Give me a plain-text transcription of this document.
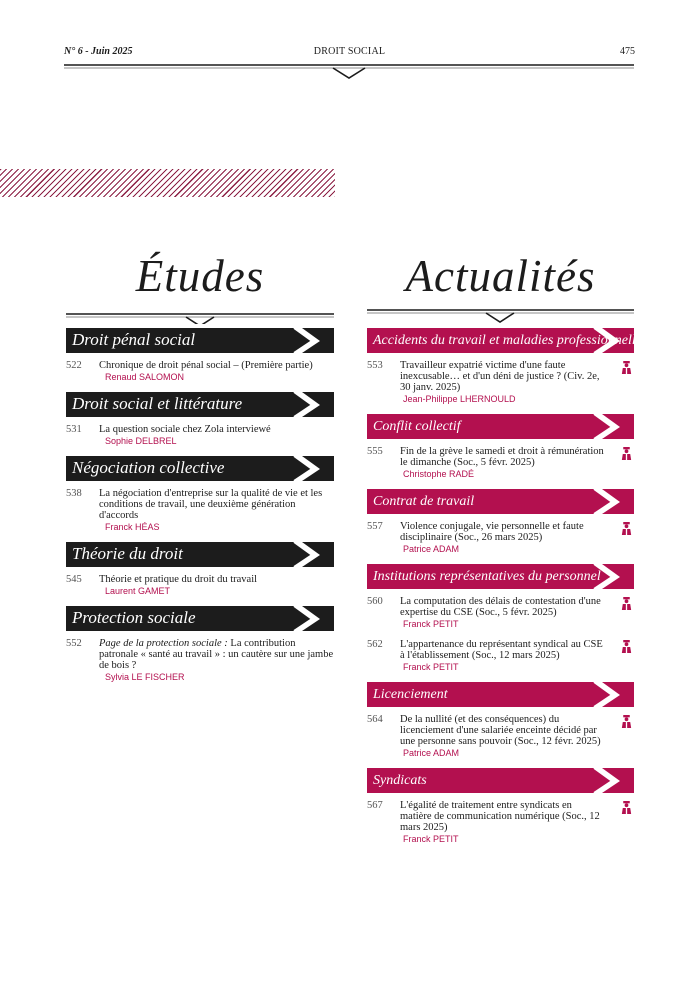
N° 6 - Juin 2025	DROIT SOCIAL	475
Études
Droit pénal social
522 Chronique de droit pénal social – (Première partie)
Renaud SALOMON
Droit social et littérature
531 La question sociale chez Zola interviewé
Sophie DELBREL
Négociation collective
538 La négociation d'entreprise sur la qualité de vie et les conditions de travail, une deuxième génération d'accords
Franck HÉAS
Théorie du droit
545 Théorie et pratique du droit du travail
Laurent GAMET
Protection sociale
552 Page de la protection sociale : La contribution patronale « santé au travail » : un cautère sur une jambe de bois ?
Sylvia LE FISCHER
Actualités
Accidents du travail et maladies professionnelles
553 Travailleur expatrié victime d'une faute inexcusable… et d'un déni de justice ? (Civ. 2e, 30 janv. 2025)
Jean-Philippe LHERNOULD
Conflit collectif
555 Fin de la grève le samedi et droit à rémunération le dimanche (Soc., 5 févr. 2025)
Christophe RADÉ
Contrat de travail
557 Violence conjugale, vie personnelle et faute disciplinaire (Soc., 26 mars 2025)
Patrice ADAM
Institutions représentatives du personnel
560 La computation des délais de contestation d'une expertise du CSE (Soc., 5 févr. 2025)
Franck PETIT
562 L'appartenance du représentant syndical au CSE à l'établissement (Soc., 12 mars 2025)
Franck PETIT
Licenciement
564 De la nullité (et des conséquences) du licenciement d'une salariée enceinte décidé par une personne sans pouvoir (Soc., 12 févr. 2025)
Patrice ADAM
Syndicats
567 L'égalité de traitement entre syndicats en matière de communication numérique (Soc., 12 mars 2025)
Franck PETIT
